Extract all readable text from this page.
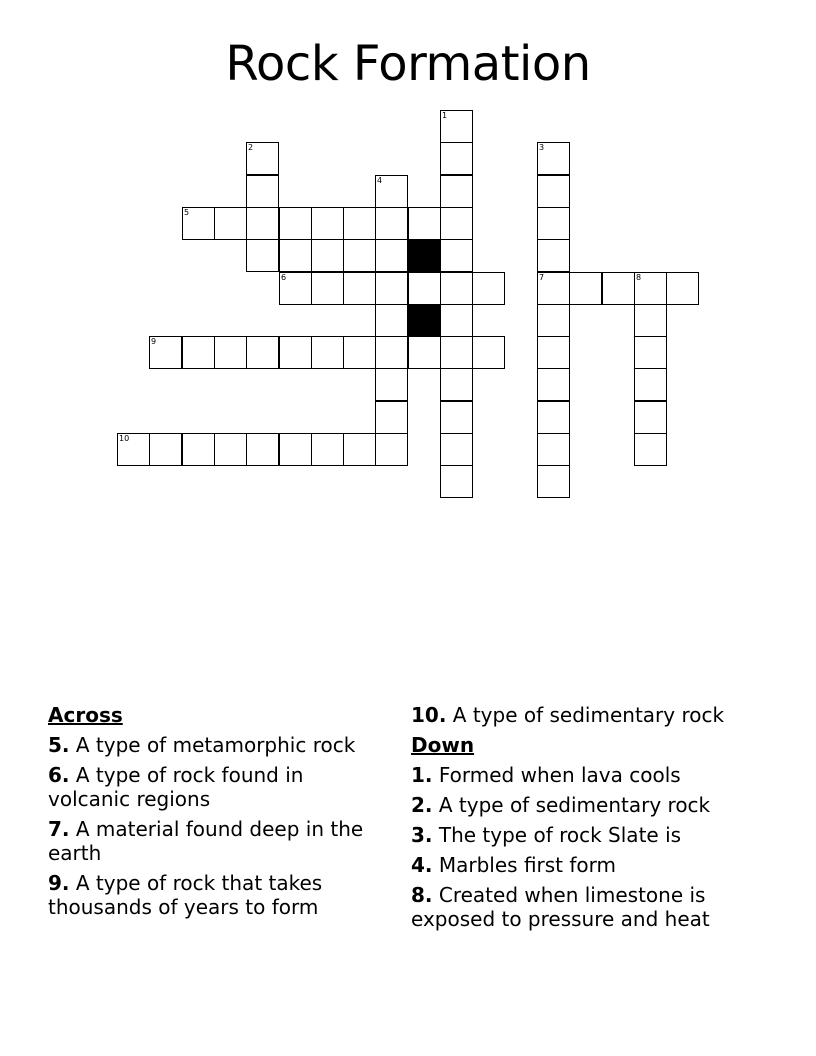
Rock Formation
1
2	3
7
4
5
6	8
9
10
Across
5. A type of metamorphic rock
6. A type of rock found in volcanic regions
7. A material found deep in the earth
9. A type of rock that takes thousands of years to form
10. A type of sedimentary rock
Down
1. Formed when lava cools
2. A type of sedimentary rock
3. The type of rock Slate is
4. Marbles first form
8. Created when limestone is exposed to pressure and heat
